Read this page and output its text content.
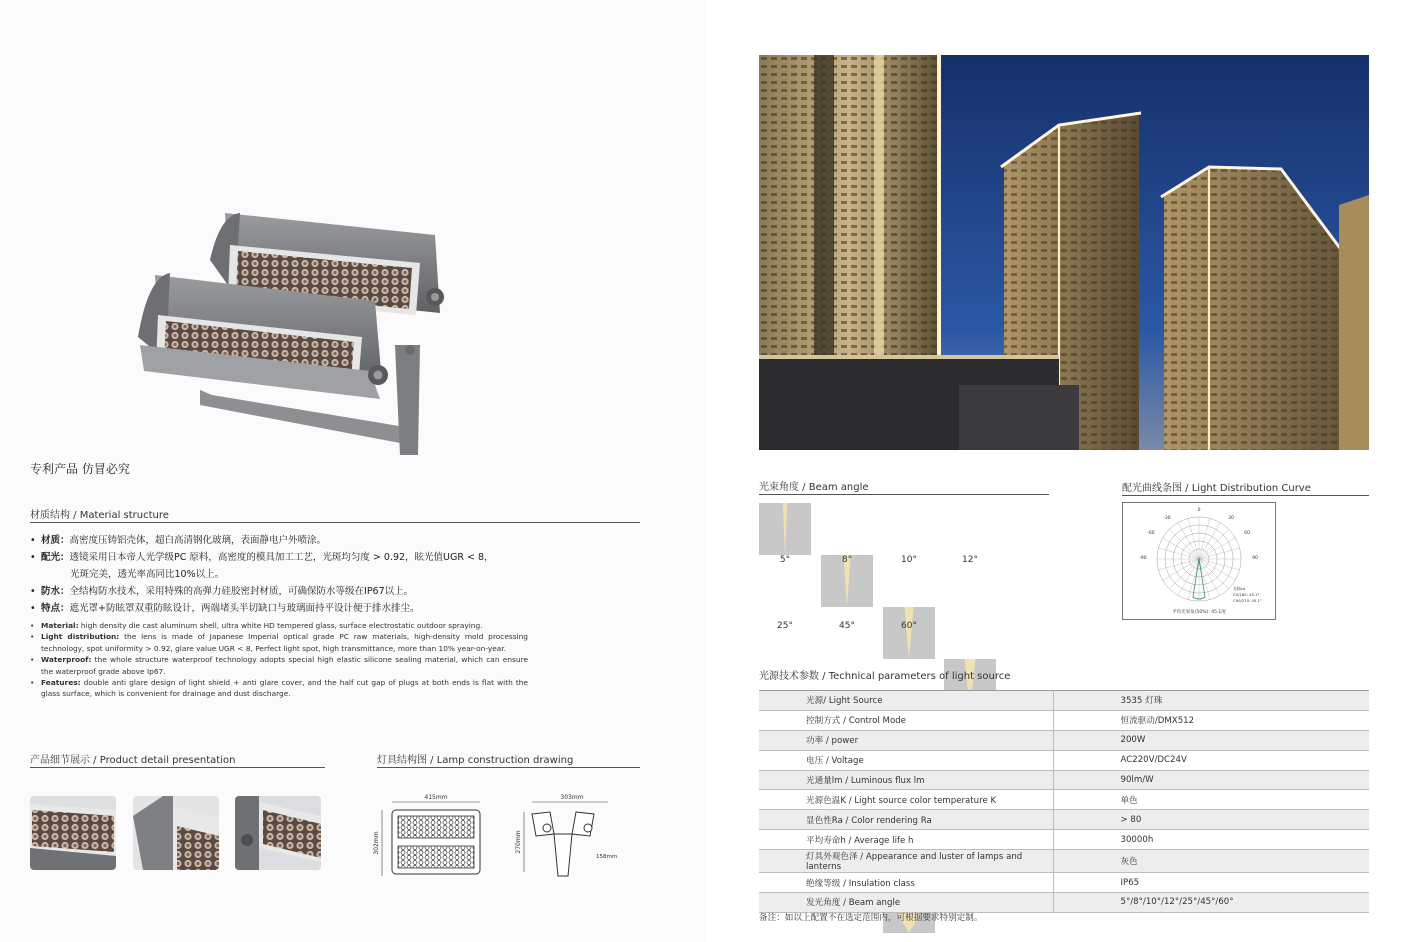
专利产品 仿冒必究
材质结构 / Material structure
• 材质：高密度压铸铝壳体，超白高清钢化玻璃，表面静电户外喷涂。
• 配光：透镜采用日本帝人光学级PC 原料，高密度的模具加工工艺，光斑均匀度 > 0.92，眩光值UGR < 8，
光斑完美，透光率高同比10%以上。
• 防水：全结构防水技术，采用特殊的高弹力硅胶密封材质，可确保防水等级在IP67以上。
• 特点：遮光罩+防眩罩双重防眩设计，两端堵头半切缺口与玻璃面持平设计便于排水排尘。
• Material: high density die cast aluminum shell, ultra white HD tempered glass, surface electrostatic outdoor spraying.
• Light distribution: the lens is made of Japanese Imperial optical grade PC raw materials, high-density mold processing technology, spot uniformity > 0.92, glare value UGR < 8, Perfect light spot, high transmittance, more than 10% year-on-year.
• Waterproof: the whole structure waterproof technology adopts special high elastic silicone sealing material, which can ensure the waterproof grade above Ip67.
• Features: double anti glare design of light shield + anti glare cover, and the half cut gap of plugs at both ends is flat with the glass surface, which is convenient for drainage and dust discharge.
产品细节展示 / Product detail presentation	灯具结构图 / Lamp construction drawing
415mm
302mm
303mm
270mm
158mm
光束角度 / Beam angle
5°	8°	10°	12°
25°	45°	60°
配光曲线条图 / Light Distribution Curve
0
-30	30
-60	60
-90	90
光轴cd
C0/180: 45.1°
C90/270: 45.1°
平均光束角(50%): 45.1度
光源技术参数 / Technical parameters of light source
光源/ Light Source	3535 灯珠
控制方式 / Control Mode	恒流驱动/DMX512
功率 / power	200W
电压 / Voltage	AC220V/DC24V
光通量lm / Luminous flux lm	90lm/W
光源色温K / Light source color temperature K	单色
显色性Ra / Color rendering Ra	> 80
平均寿命h / Average life h	30000h
灯具外观色泽 / Appearance and luster of lamps and lanterns	灰色
绝缘等级 / Insulation class	IP65
发光角度 / Beam angle	5°/8°/10°/12°/25°/45°/60°
备注：如以上配置不在选定范围内，可根据要求特别定制。
